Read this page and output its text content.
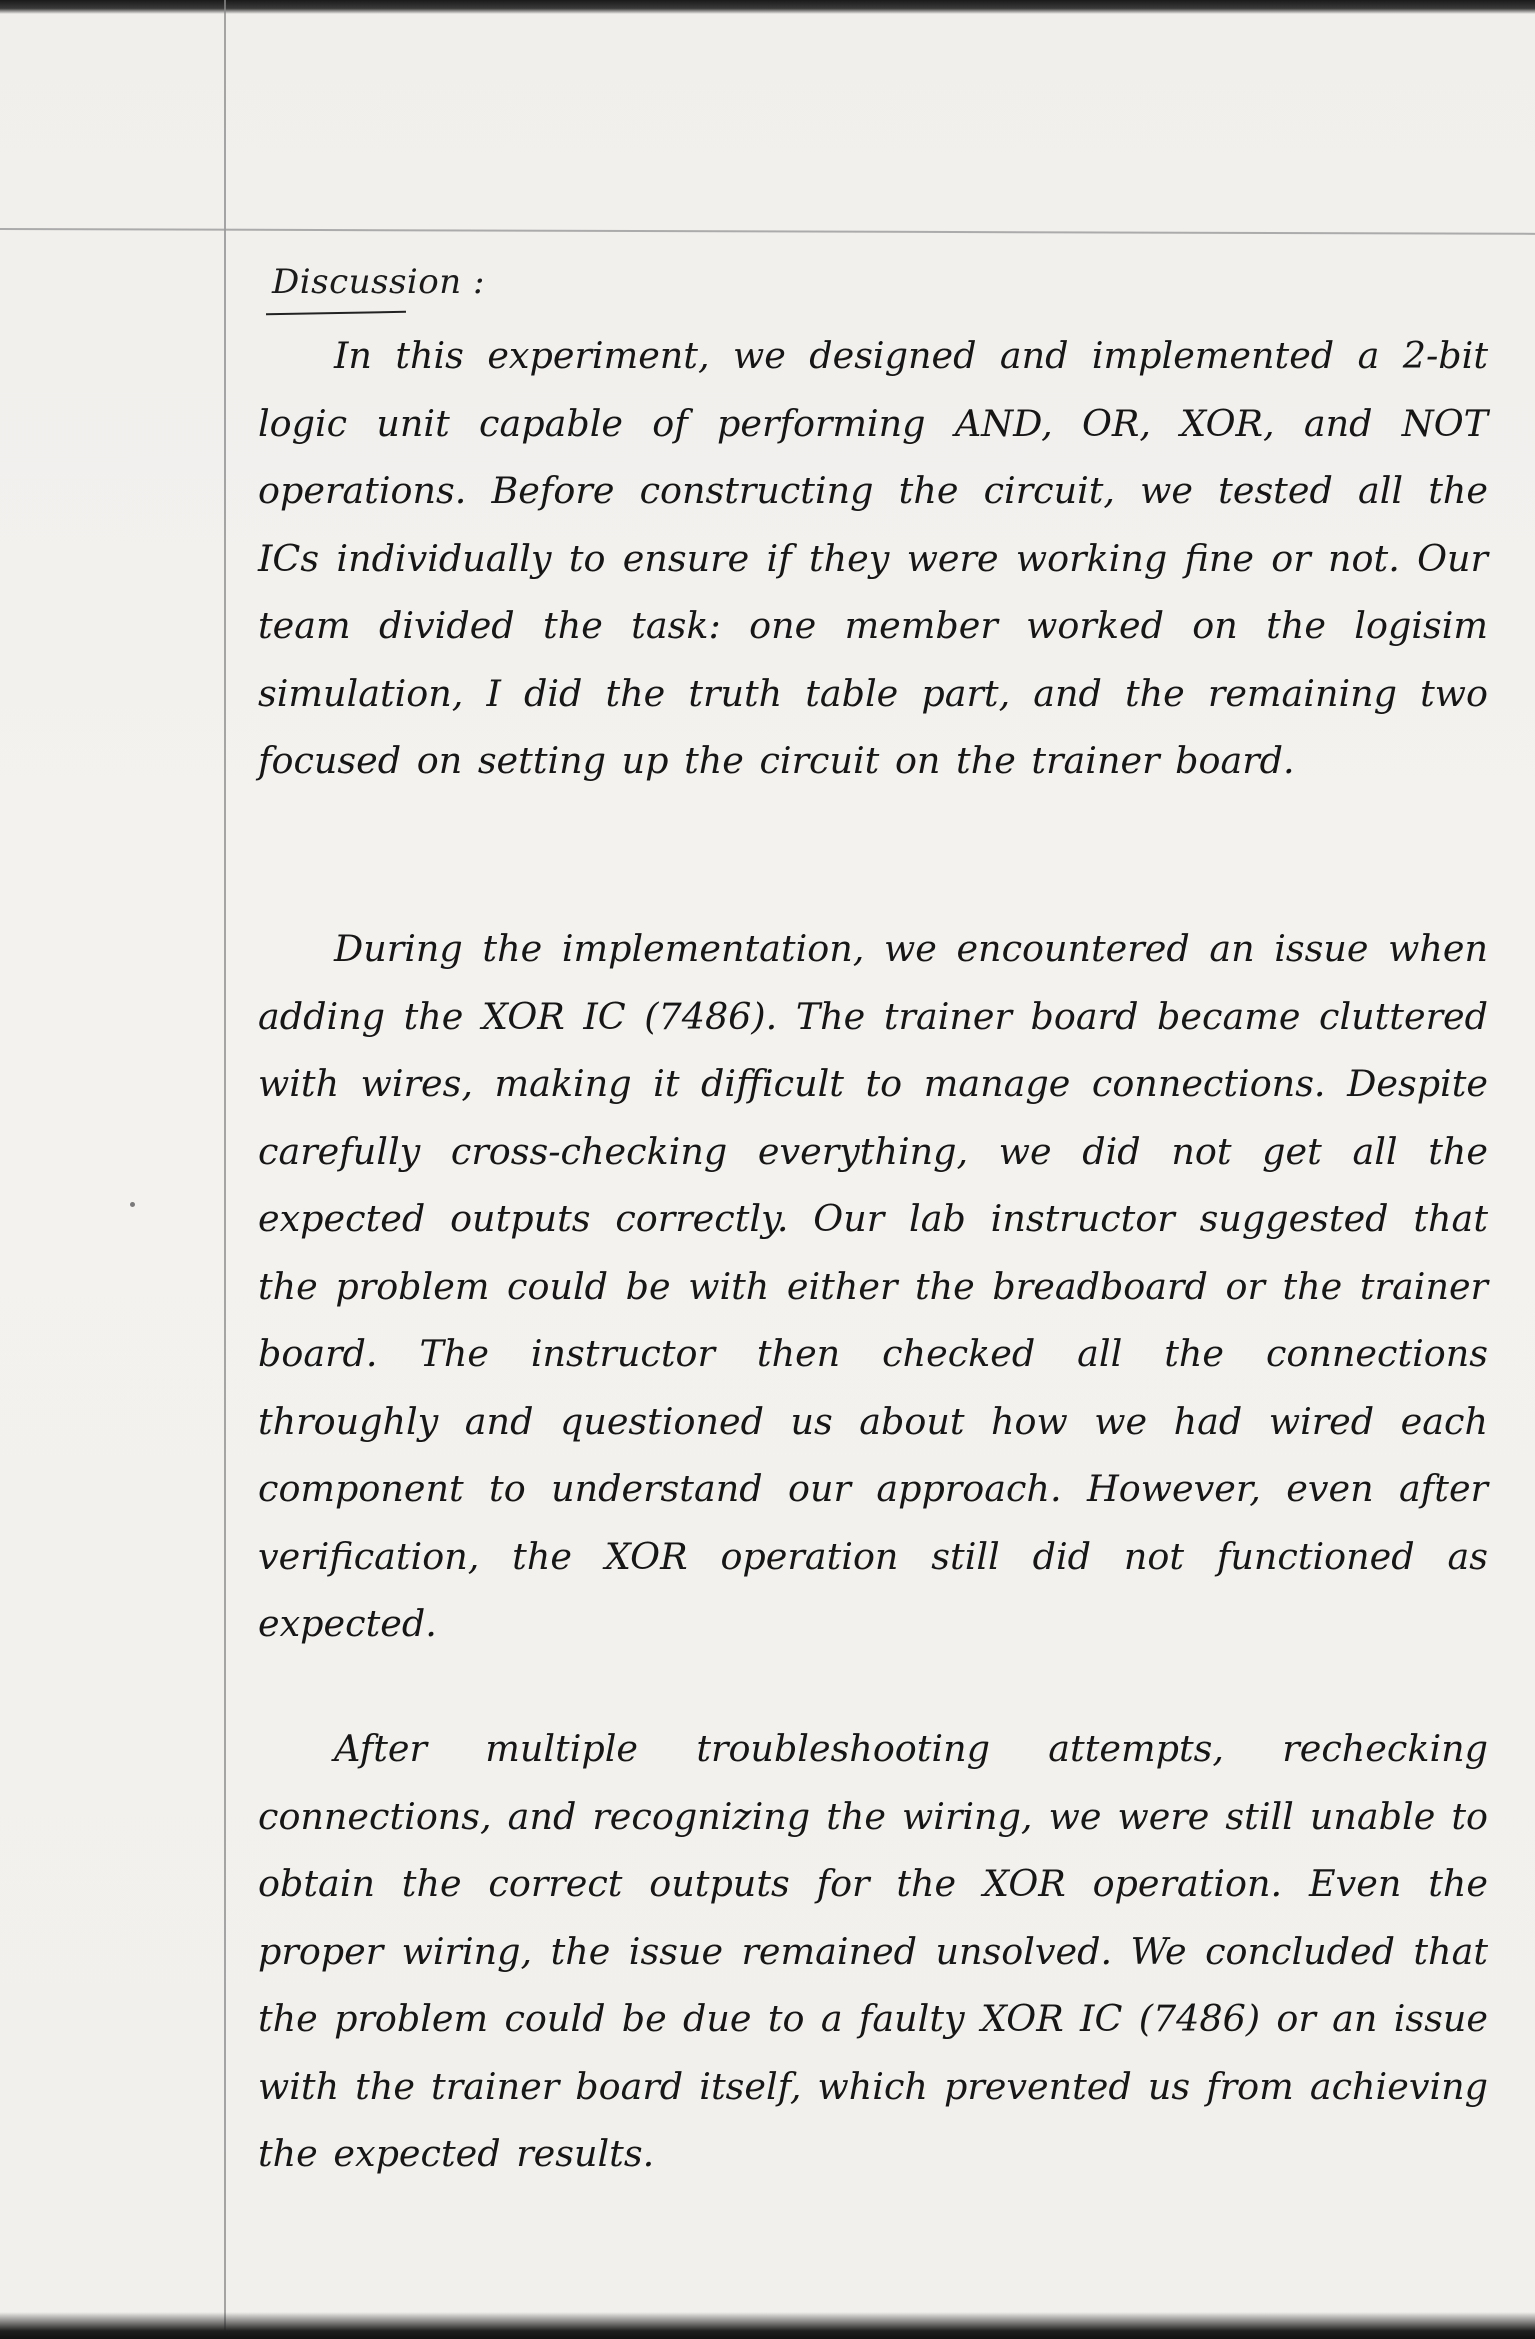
Discussion :

In this experiment, we designed and implemented a 2-bit logic unit capable of performing AND, OR, XOR, and NOT operations. Before constructing the circuit, we tested all the ICs individually to ensure if they were working fine or not. Our team divided the task: one member worked on the logisim simulation, I did the truth table part, and the remaining two focused on setting up the circuit on the trainer board.

During the implementation, we encountered an issue when adding the XOR IC (7486). The trainer board became cluttered with wires, making it difficult to manage connections. Despite carefully cross-checking everything, we did not get all the expected outputs correctly. Our lab instructor suggested that the problem could be with either the breadboard or the trainer board. The instructor then checked all the connections throughly and questioned us about how we had wired each component to understand our approach. However, even after verification, the XOR operation still did not functioned as expected.

After multiple troubleshooting attempts, rechecking connections, and recognizing the wiring, we were still unable to obtain the correct outputs for the XOR operation. Even the proper wiring, the issue remained unsolved. We concluded that the problem could be due to a faulty XOR IC (7486) or an issue with the trainer board itself, which prevented us from achieving the expected results.
